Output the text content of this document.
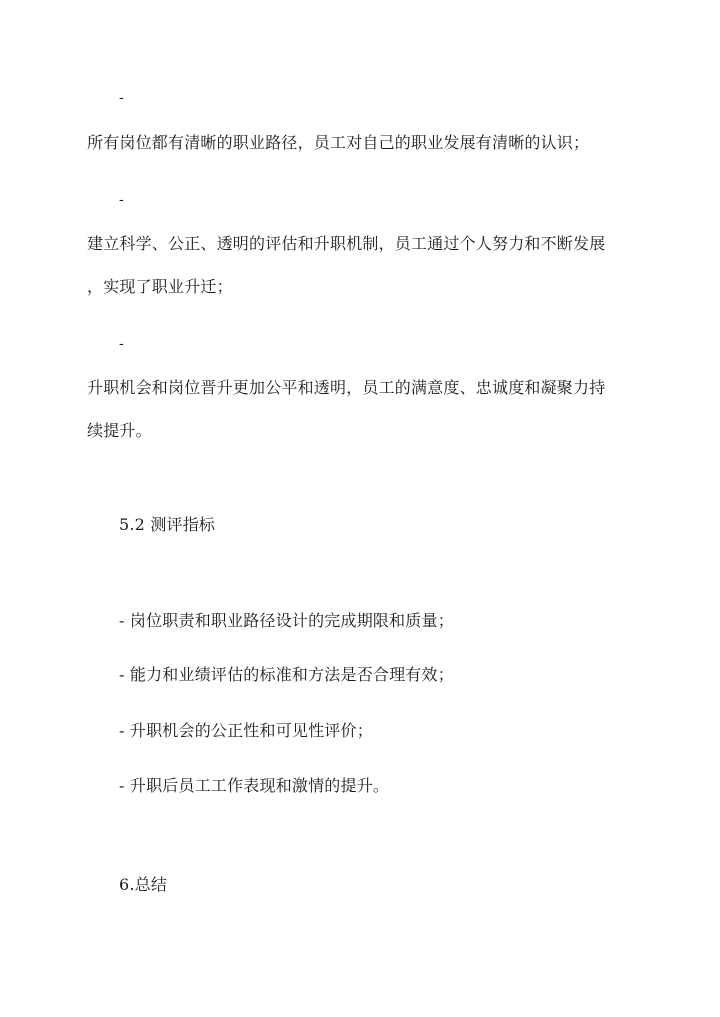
-
所有岗位都有清晰的职业路径，员工对自己的职业发展有清晰的认识；
-
建立科学、公正、透明的评估和升职机制，员工通过个人努力和不断发展
，实现了职业升迁；
-
升职机会和岗位晋升更加公平和透明，员工的满意度、忠诚度和凝聚力持
续提升。
5.2 测评指标
- 岗位职责和职业路径设计的完成期限和质量；
- 能力和业绩评估的标准和方法是否合理有效；
- 升职机会的公正性和可见性评价；
- 升职后员工工作表现和激情的提升。
6.总结
